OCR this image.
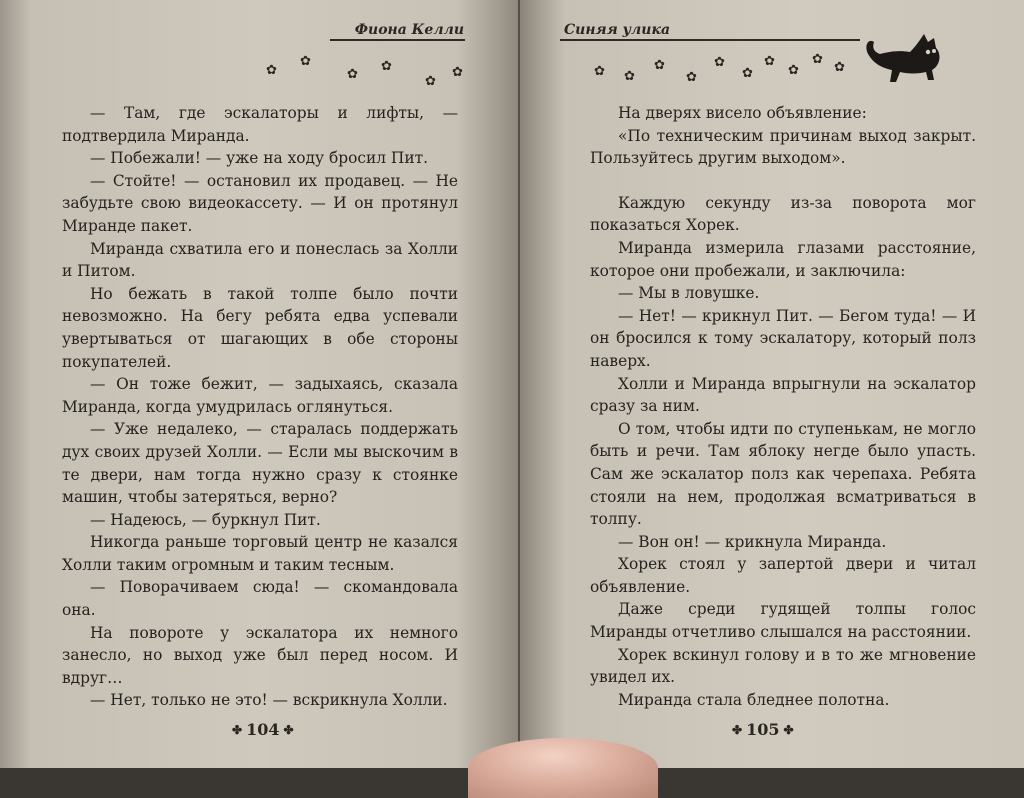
Фиона Келли
✿
✿
✿
✿
✿
✿

— Там, где эскалаторы и лифты, — подтвердила Миранда.

— Побежали! — уже на ходу бросил Пит.

— Стойте! — остановил их продавец. — Не забудьте свою видеокассету. — И он протянул Миранде пакет.

Миранда схватила его и понеслась за Холли и Питом.

Но бежать в такой толпе было почти невозможно. На бегу ребята едва успевали увертываться от шагающих в обе стороны покупателей.

— Он тоже бежит, — задыхаясь, сказала Миранда, когда умудрилась оглянуться.

— Уже недалеко, — старалась поддержать дух своих друзей Холли. — Если мы выскочим в те двери, нам тогда нужно сразу к стоянке машин, чтобы затеряться, верно?

— Надеюсь, — буркнул Пит.

Никогда раньше торговый центр не казался Холли таким огромным и таким тесным.

— Поворачиваем сюда! — скомандовала она.

На повороте у эскалатора их немного занесло, но выход уже был перед носом. И вдруг…

— Нет, только не это! — вскрикнула Холли.

✤ 104 ✤
Синяя улика
✿ ✿
✿
✿
✿
✿
✿
✿
✿
✿

На дверях висело объявление:

«По техническим причинам выход закрыт. Пользуйтесь другим выходом».

Каждую секунду из-за поворота мог показаться Хорек.

Миранда измерила глазами расстояние, которое они пробежали, и заключила:

— Мы в ловушке.

— Нет! — крикнул Пит. — Бегом туда! — И он бросился к тому эскалатору, который полз наверх.

Холли и Миранда впрыгнули на эскалатор сразу за ним.

О том, чтобы идти по ступенькам, не могло быть и речи. Там яблоку негде было упасть. Сам же эскалатор полз как черепаха. Ребята стояли на нем, продолжая всматриваться в толпу.

— Вон он! — крикнула Миранда.

Хорек стоял у запертой двери и читал объявление.

Даже среди гудящей толпы голос Миранды отчетливо слышался на расстоянии.

Хорек вскинул голову и в то же мгновение увидел их.

Миранда стала бледнее полотна.

✤ 105 ✤
